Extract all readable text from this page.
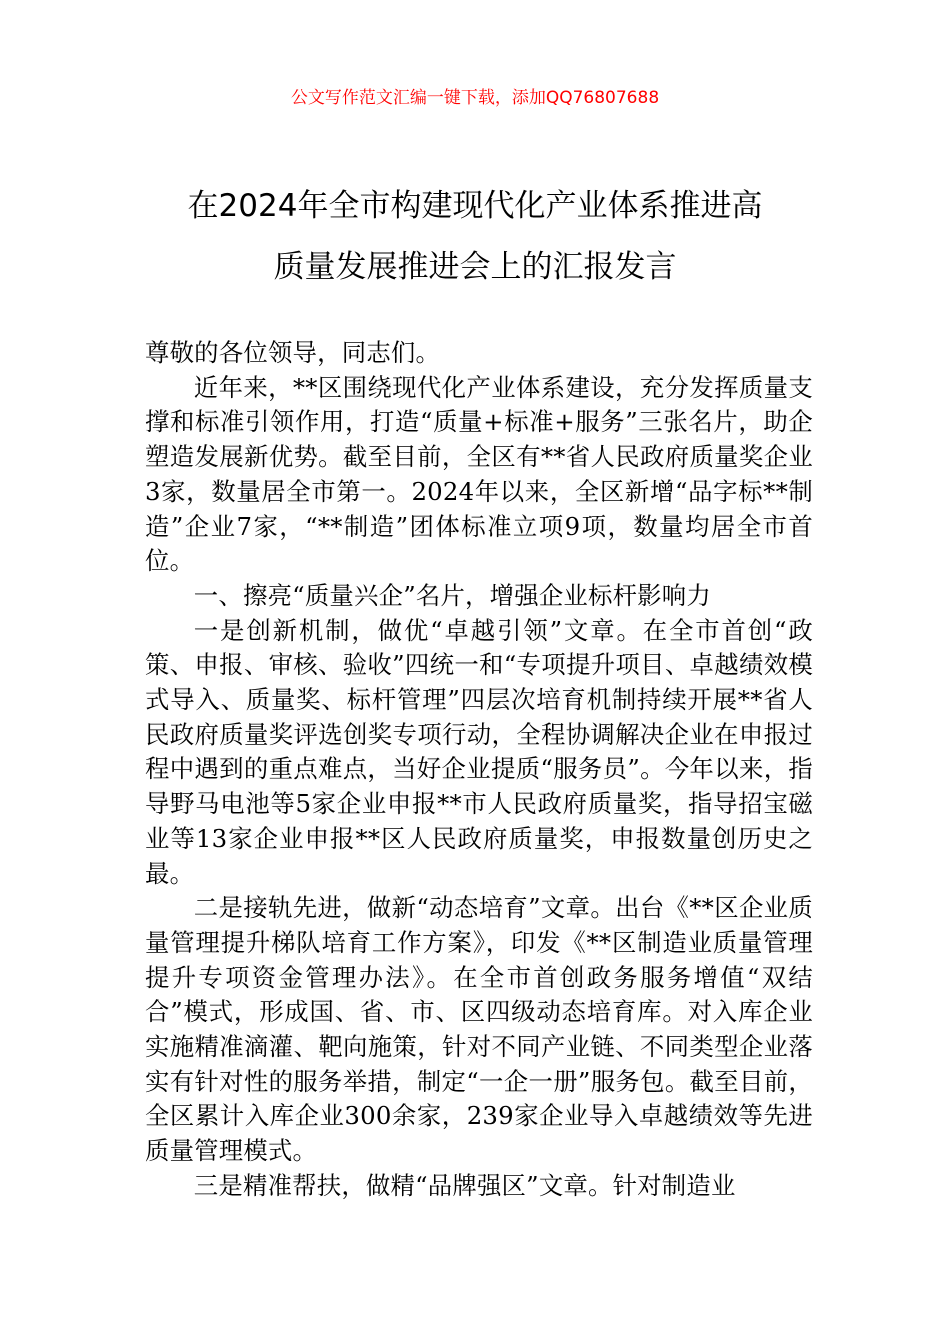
公文写作范文汇编一键下载，添加QQ76807688
在2024年全市构建现代化产业体系推进高
质量发展推进会上的汇报发言

尊敬的各位领导，同志们。

近年来，**区围绕现代化产业体系建设，充分发挥质量支撑和标准引领作用，打造“质量+标准+服务”三张名片，助企塑造发展新优势。截至目前，全区有**省人民政府质量奖企业3家，数量居全市第一。2024年以来，全区新增“品字标**制造”企业7家，“**制造”团体标准立项9项，数量均居全市首位。

一、擦亮“质量兴企”名片，增强企业标杆影响力

一是创新机制，做优“卓越引领”文章。在全市首创“政策、申报、审核、验收”四统一和“专项提升项目、卓越绩效模式导入、质量奖、标杆管理”四层次培育机制持续开展**省人民政府质量奖评选创奖专项行动，全程协调解决企业在申报过程中遇到的重点难点，当好企业提质“服务员”。今年以来，指导野马电池等5家企业申报**市人民政府质量奖，指导招宝磁业等13家企业申报**区人民政府质量奖，申报数量创历史之最。

二是接轨先进，做新“动态培育”文章。出台《**区企业质量管理提升梯队培育工作方案》，印发《**区制造业质量管理提升专项资金管理办法》。在全市首创政务服务增值“双结合”模式，形成国、省、市、区四级动态培育库。对入库企业实施精准滴灌、靶向施策，针对不同产业链、不同类型企业落实有针对性的服务举措，制定“一企一册”服务包。截至目前，全区累计入库企业300余家，239家企业导入卓越绩效等先进质量管理模式。

三是精准帮扶，做精“品牌强区”文章。针对制造业
